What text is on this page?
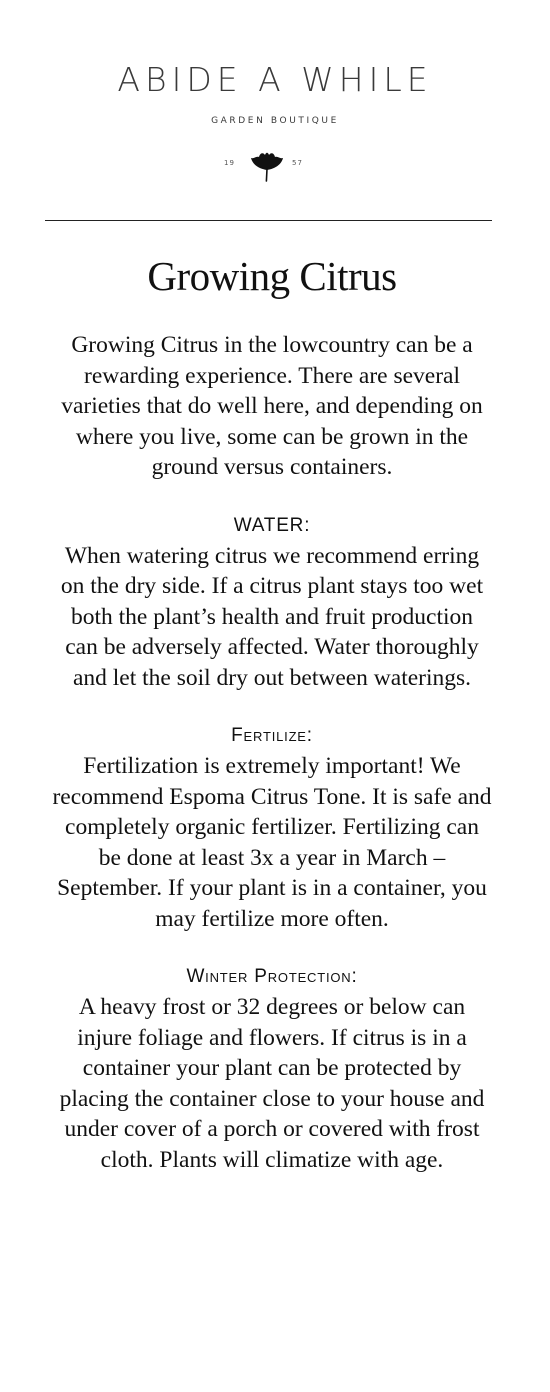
ABIDE A WHILE
GARDEN BOUTIQUE
19	57
Growing Citrus

Growing Citrus in the lowcountry can be a rewarding experience. There are several varieties that do well here, and depending on where you live, some can be grown in the ground versus containers.

WATER:

When watering citrus we recommend erring on the dry side. If a citrus plant stays too wet both the plant’s health and fruit production can be adversely affected. Water thoroughly and let the soil dry out between waterings.

Fertilize:

Fertilization is extremely important! We recommend Espoma Citrus Tone. It is safe and completely organic fertilizer. Fertilizing can be done at least 3x a year in March – September. If your plant is in a container, you may fertilize more often.

Winter Protection:

A heavy frost or 32 degrees or below can injure foliage and flowers. If citrus is in a container your plant can be protected by placing the container close to your house and under cover of a porch or covered with frost cloth. Plants will climatize with age.
